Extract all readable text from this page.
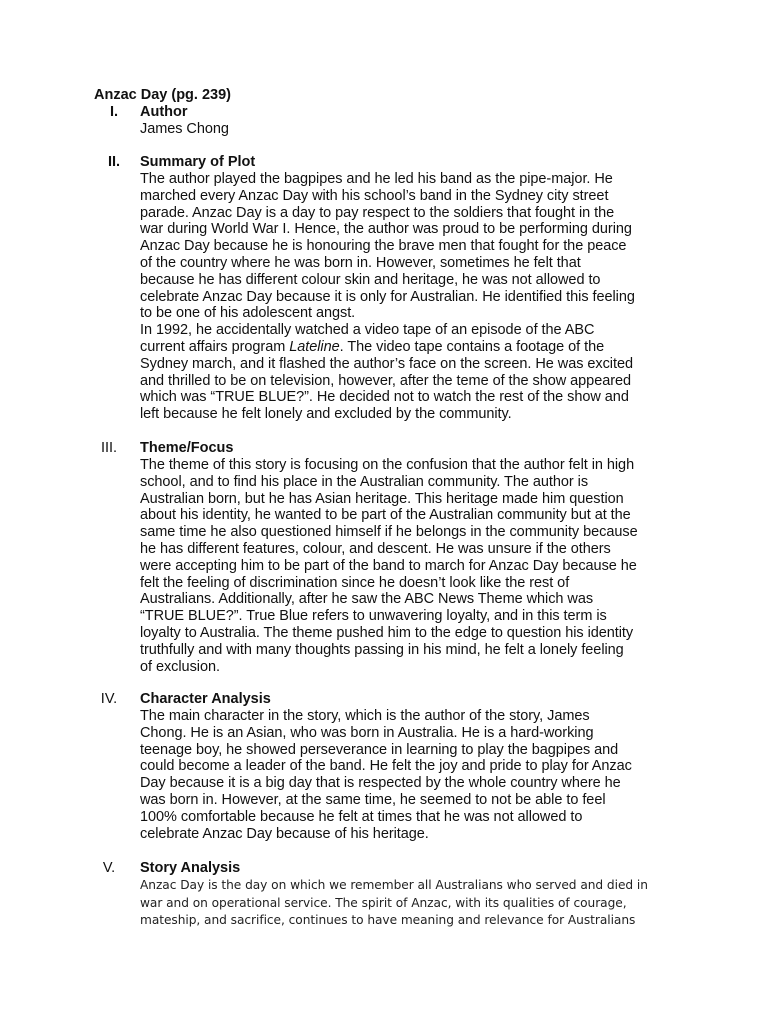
Anzac Day (pg. 239)
I.	Author

James Chong

II.	Summary of Plot

The author played the bagpipes and he led his band as the pipe-major. He
marched every Anzac Day with his school’s band in the Sydney city street
parade. Anzac Day is a day to pay respect to the soldiers that fought in the
war during World War I. Hence, the author was proud to be performing during
Anzac Day because he is honouring the brave men that fought for the peace
of the country where he was born in. However, sometimes he felt that
because he has different colour skin and heritage, he was not allowed to
celebrate Anzac Day because it is only for Australian. He identified this feeling
to be one of his adolescent angst.

In 1992, he accidentally watched a video tape of an episode of the ABC
current affairs program Lateline. The video tape contains a footage of the
Sydney march, and it flashed the author’s face on the screen. He was excited
and thrilled to be on television, however, after the teme of the show appeared
which was “TRUE BLUE?”. He decided not to watch the rest of the show and
left because he felt lonely and excluded by the community.

III.	Theme/Focus

The theme of this story is focusing on the confusion that the author felt in high
school, and to find his place in the Australian community. The author is
Australian born, but he has Asian heritage. This heritage made him question
about his identity, he wanted to be part of the Australian community but at the
same time he also questioned himself if he belongs in the community because
he has different features, colour, and descent. He was unsure if the others
were accepting him to be part of the band to march for Anzac Day because he
felt the feeling of discrimination since he doesn’t look like the rest of
Australians. Additionally, after he saw the ABC News Theme which was
“TRUE BLUE?”. True Blue refers to unwavering loyalty, and in this term is
loyalty to Australia. The theme pushed him to the edge to question his identity
truthfully and with many thoughts passing in his mind, he felt a lonely feeling
of exclusion.

IV.	Character Analysis

The main character in the story, which is the author of the story, James
Chong. He is an Asian, who was born in Australia. He is a hard-working
teenage boy, he showed perseverance in learning to play the bagpipes and
could become a leader of the band. He felt the joy and pride to play for Anzac
Day because it is a big day that is respected by the whole country where he
was born in. However, at the same time, he seemed to not be able to feel
100% comfortable because he felt at times that he was not allowed to
celebrate Anzac Day because of his heritage.

V.	Story Analysis

Anzac Day is the day on which we remember all Australians who served and died in
war and on operational service. The spirit of Anzac, with its qualities of courage,
mateship, and sacrifice, continues to have meaning and relevance for Australians
